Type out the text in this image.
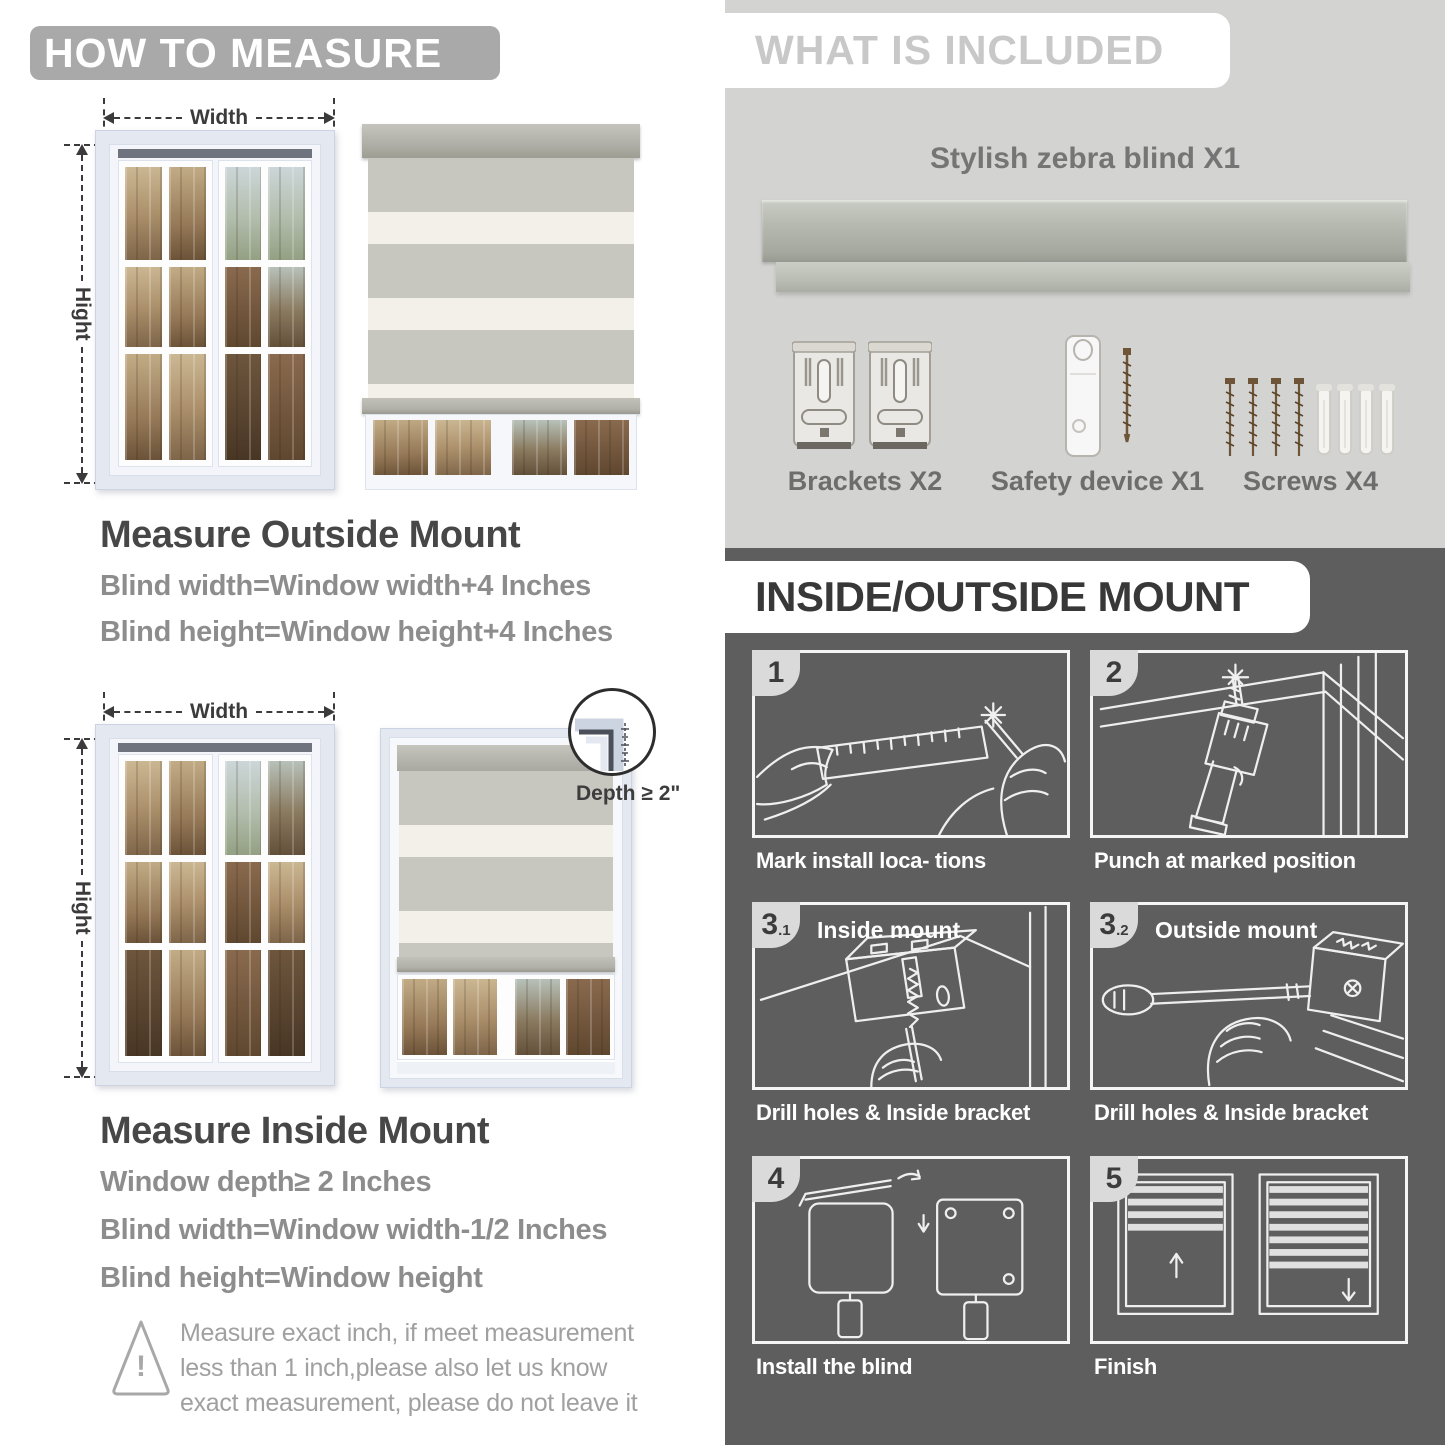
HOW TO MEASURE
Width
Hight
Measure Outside Mount
Blind width=Window width+4 Inches
Blind height=Window height+4 Inches
Width
Hight
Depth ≥ 2"
Measure Inside Mount
Window depth≥ 2 Inches
Blind width=Window width-1/2 Inches
Blind height=Window height
!
Measure exact inch, if meet measurement less than 1 inch,please also let us know exact measurement, please do not leave it
WHAT IS INCLUDED
Stylish zebra blind X1
Brackets X2	Safety device X1	Screws X4
INSIDE/OUTSIDE MOUNT
1
Mark install loca- tions
2
Punch at marked position
3 .1 Inside mount
Drill holes & Inside bracket
3 .2 Outside mount
Drill holes & Inside bracket
4
Install the blind
5
Finish
